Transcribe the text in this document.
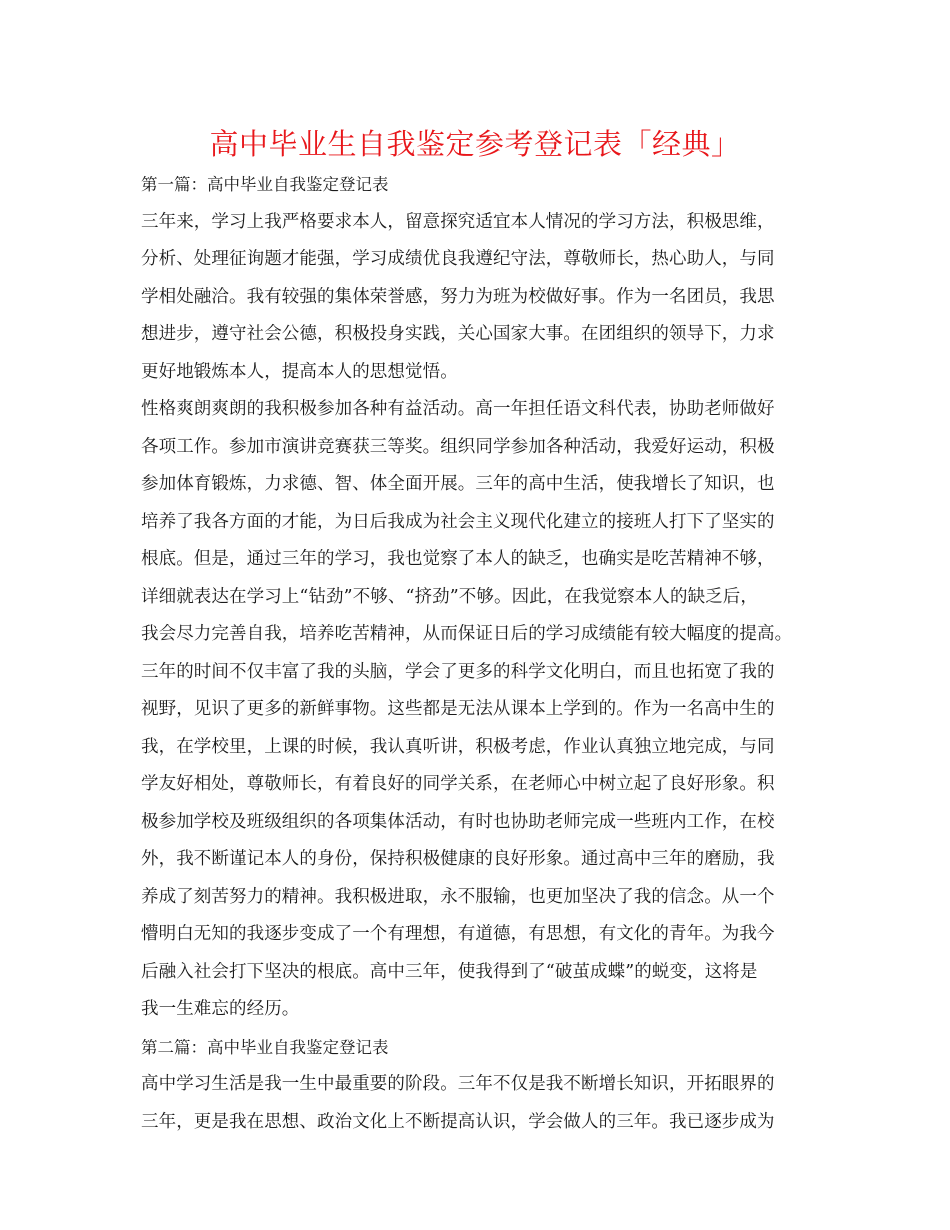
高中毕业生自我鉴定参考登记表「经典」
第一篇：高中毕业自我鉴定登记表
三年来，学习上我严格要求本人，留意探究适宜本人情况的学习方法，积极思维，
分析、处理征询题才能强，学习成绩优良我遵纪守法，尊敬师长，热心助人，与同
学相处融洽。我有较强的集体荣誉感，努力为班为校做好事。作为一名团员，我思
想进步，遵守社会公德，积极投身实践，关心国家大事。在团组织的领导下，力求
更好地锻炼本人，提高本人的思想觉悟。
性格爽朗爽朗的我积极参加各种有益活动。高一年担任语文科代表，协助老师做好
各项工作。参加市演讲竞赛获三等奖。组织同学参加各种活动，我爱好运动，积极
参加体育锻炼，力求德、智、体全面开展。三年的高中生活，使我增长了知识，也
培养了我各方面的才能，为日后我成为社会主义现代化建立的接班人打下了坚实的
根底。但是，通过三年的学习，我也觉察了本人的缺乏，也确实是吃苦精神不够，
详细就表达在学习上“钻劲”不够、“挤劲”不够。因此，在我觉察本人的缺乏后，
我会尽力完善自我，培养吃苦精神，从而保证日后的学习成绩能有较大幅度的提高。
三年的时间不仅丰富了我的头脑，学会了更多的科学文化明白，而且也拓宽了我的
视野，见识了更多的新鲜事物。这些都是无法从课本上学到的。作为一名高中生的
我，在学校里，上课的时候，我认真听讲，积极考虑，作业认真独立地完成，与同
学友好相处，尊敬师长，有着良好的同学关系，在老师心中树立起了良好形象。积
极参加学校及班级组织的各项集体活动，有时也协助老师完成一些班内工作，在校
外，我不断谨记本人的身份，保持积极健康的良好形象。通过高中三年的磨励，我
养成了刻苦努力的精神。我积极进取，永不服输，也更加坚决了我的信念。从一个
懵明白无知的我逐步变成了一个有理想，有道德，有思想，有文化的青年。为我今
后融入社会打下坚决的根底。高中三年，使我得到了“破茧成蝶”的蜕变，这将是
我一生难忘的经历。
第二篇：高中毕业自我鉴定登记表
高中学习生活是我一生中最重要的阶段。三年不仅是我不断增长知识，开拓眼界的
三年，更是我在思想、政治文化上不断提高认识，学会做人的三年。我已逐步成为
